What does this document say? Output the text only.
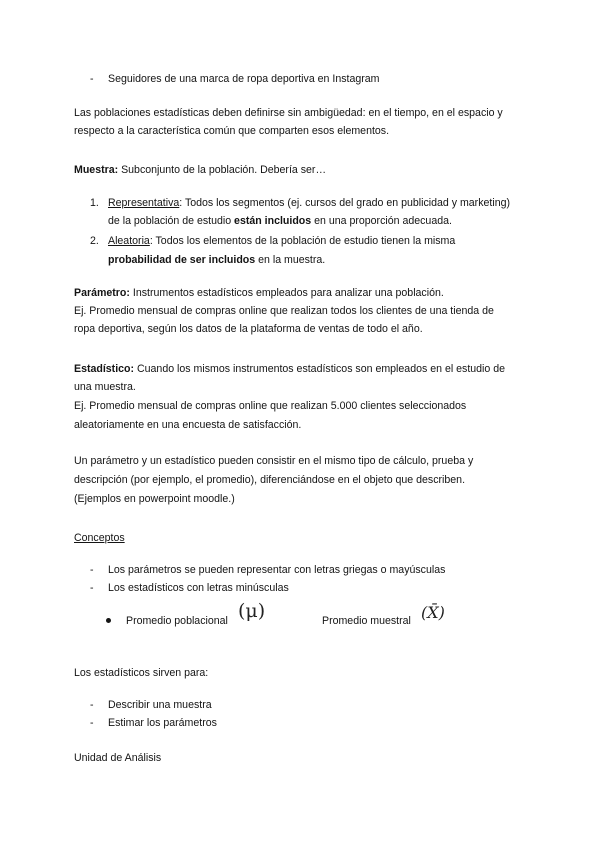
- Seguidores de una marca de ropa deportiva en Instagram
Las poblaciones estadísticas deben definirse sin ambigüedad: en el tiempo, en el espacio y
respecto a la característica común que comparten esos elementos.
Muestra: Subconjunto de la población. Debería ser…
1. Representativa: Todos los segmentos (ej. cursos del grado en publicidad y marketing)
de la población de estudio están incluidos en una proporción adecuada.
2. Aleatoria: Todos los elementos de la población de estudio tienen la misma
probabilidad de ser incluidos en la muestra.
Parámetro: Instrumentos estadísticos empleados para analizar una población.
Ej. Promedio mensual de compras online que realizan todos los clientes de una tienda de
ropa deportiva, según los datos de la plataforma de ventas de todo el año.
Estadístico: Cuando los mismos instrumentos estadísticos son empleados en el estudio de
una muestra.
Ej. Promedio mensual de compras online que realizan 5.000 clientes seleccionados
aleatoriamente en una encuesta de satisfacción.
Un parámetro y un estadístico pueden consistir en el mismo tipo de cálculo, prueba y
descripción (por ejemplo, el promedio), diferenciándose en el objeto que describen.
(Ejemplos en powerpoint moodle.)
Conceptos
- Los parámetros se pueden representar con letras griegas o mayúsculas
- Los estadísticos con letras minúsculas
Promedio poblacional (μ)	Promedio muestral (X̄)
Los estadísticos sirven para:
- Describir una muestra
- Estimar los parámetros
Unidad de Análisis
